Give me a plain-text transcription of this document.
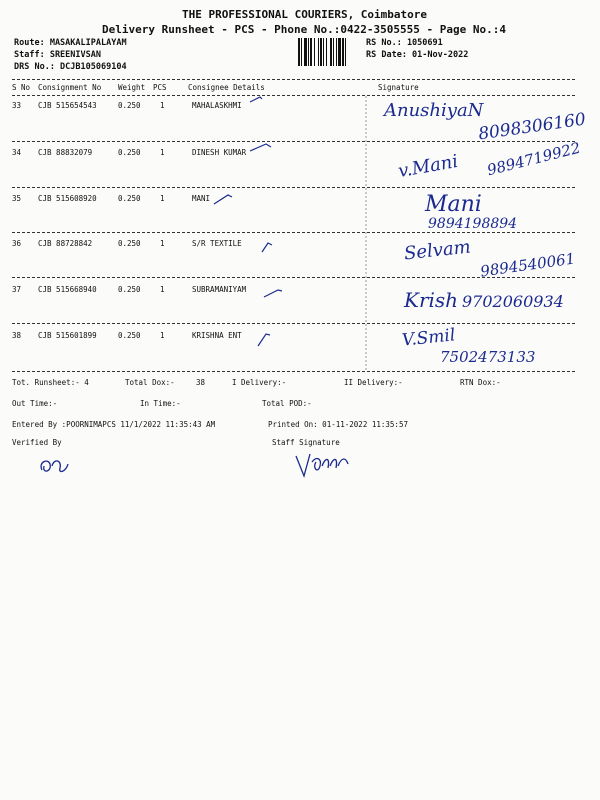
THE PROFESSIONAL COURIERS, Coimbatore
Delivery Runsheet - PCS - Phone No.:0422-3505555 - Page No.:4
Route: MASAKALIPALAYAM
Staff: SREENIVSAN
DRS No.: DCJB105069104
RS No.: 1050691
RS Date: 01-Nov-2022
S No Consignment No Weight PCS	Consignee Details	Signature
33 CJB 515654543	0.250	1	MAHALASKHMI	AnushiyaN
8098306160
34 CJB 88832079	0.250	1	DINESH KUMAR	v.Mani 9894719922
35 CJB 515608920	0.250	1	MANI	Mani
9894198894
36 CJB 88728842	0.250	1	S/R TEXTILE	Selvam 9894540061
37 CJB 515668940	0.250	1	SUBRAMANIYAM	Krish 9702060934
38 CJB 515601899	0.250	1	KRISHNA ENT	V.Smil
7502473133
Tot. Runsheet:- 4	Total Dox:-	38	I Delivery:-	II Delivery:-	RTN Dox:-
Out Time:-	In Time:-	Total POD:-
Entered By :POORNIMAPCS 11/1/2022 11:35:43 AM	Printed On: 01-11-2022 11:35:57
Verified By	Staff Signature
